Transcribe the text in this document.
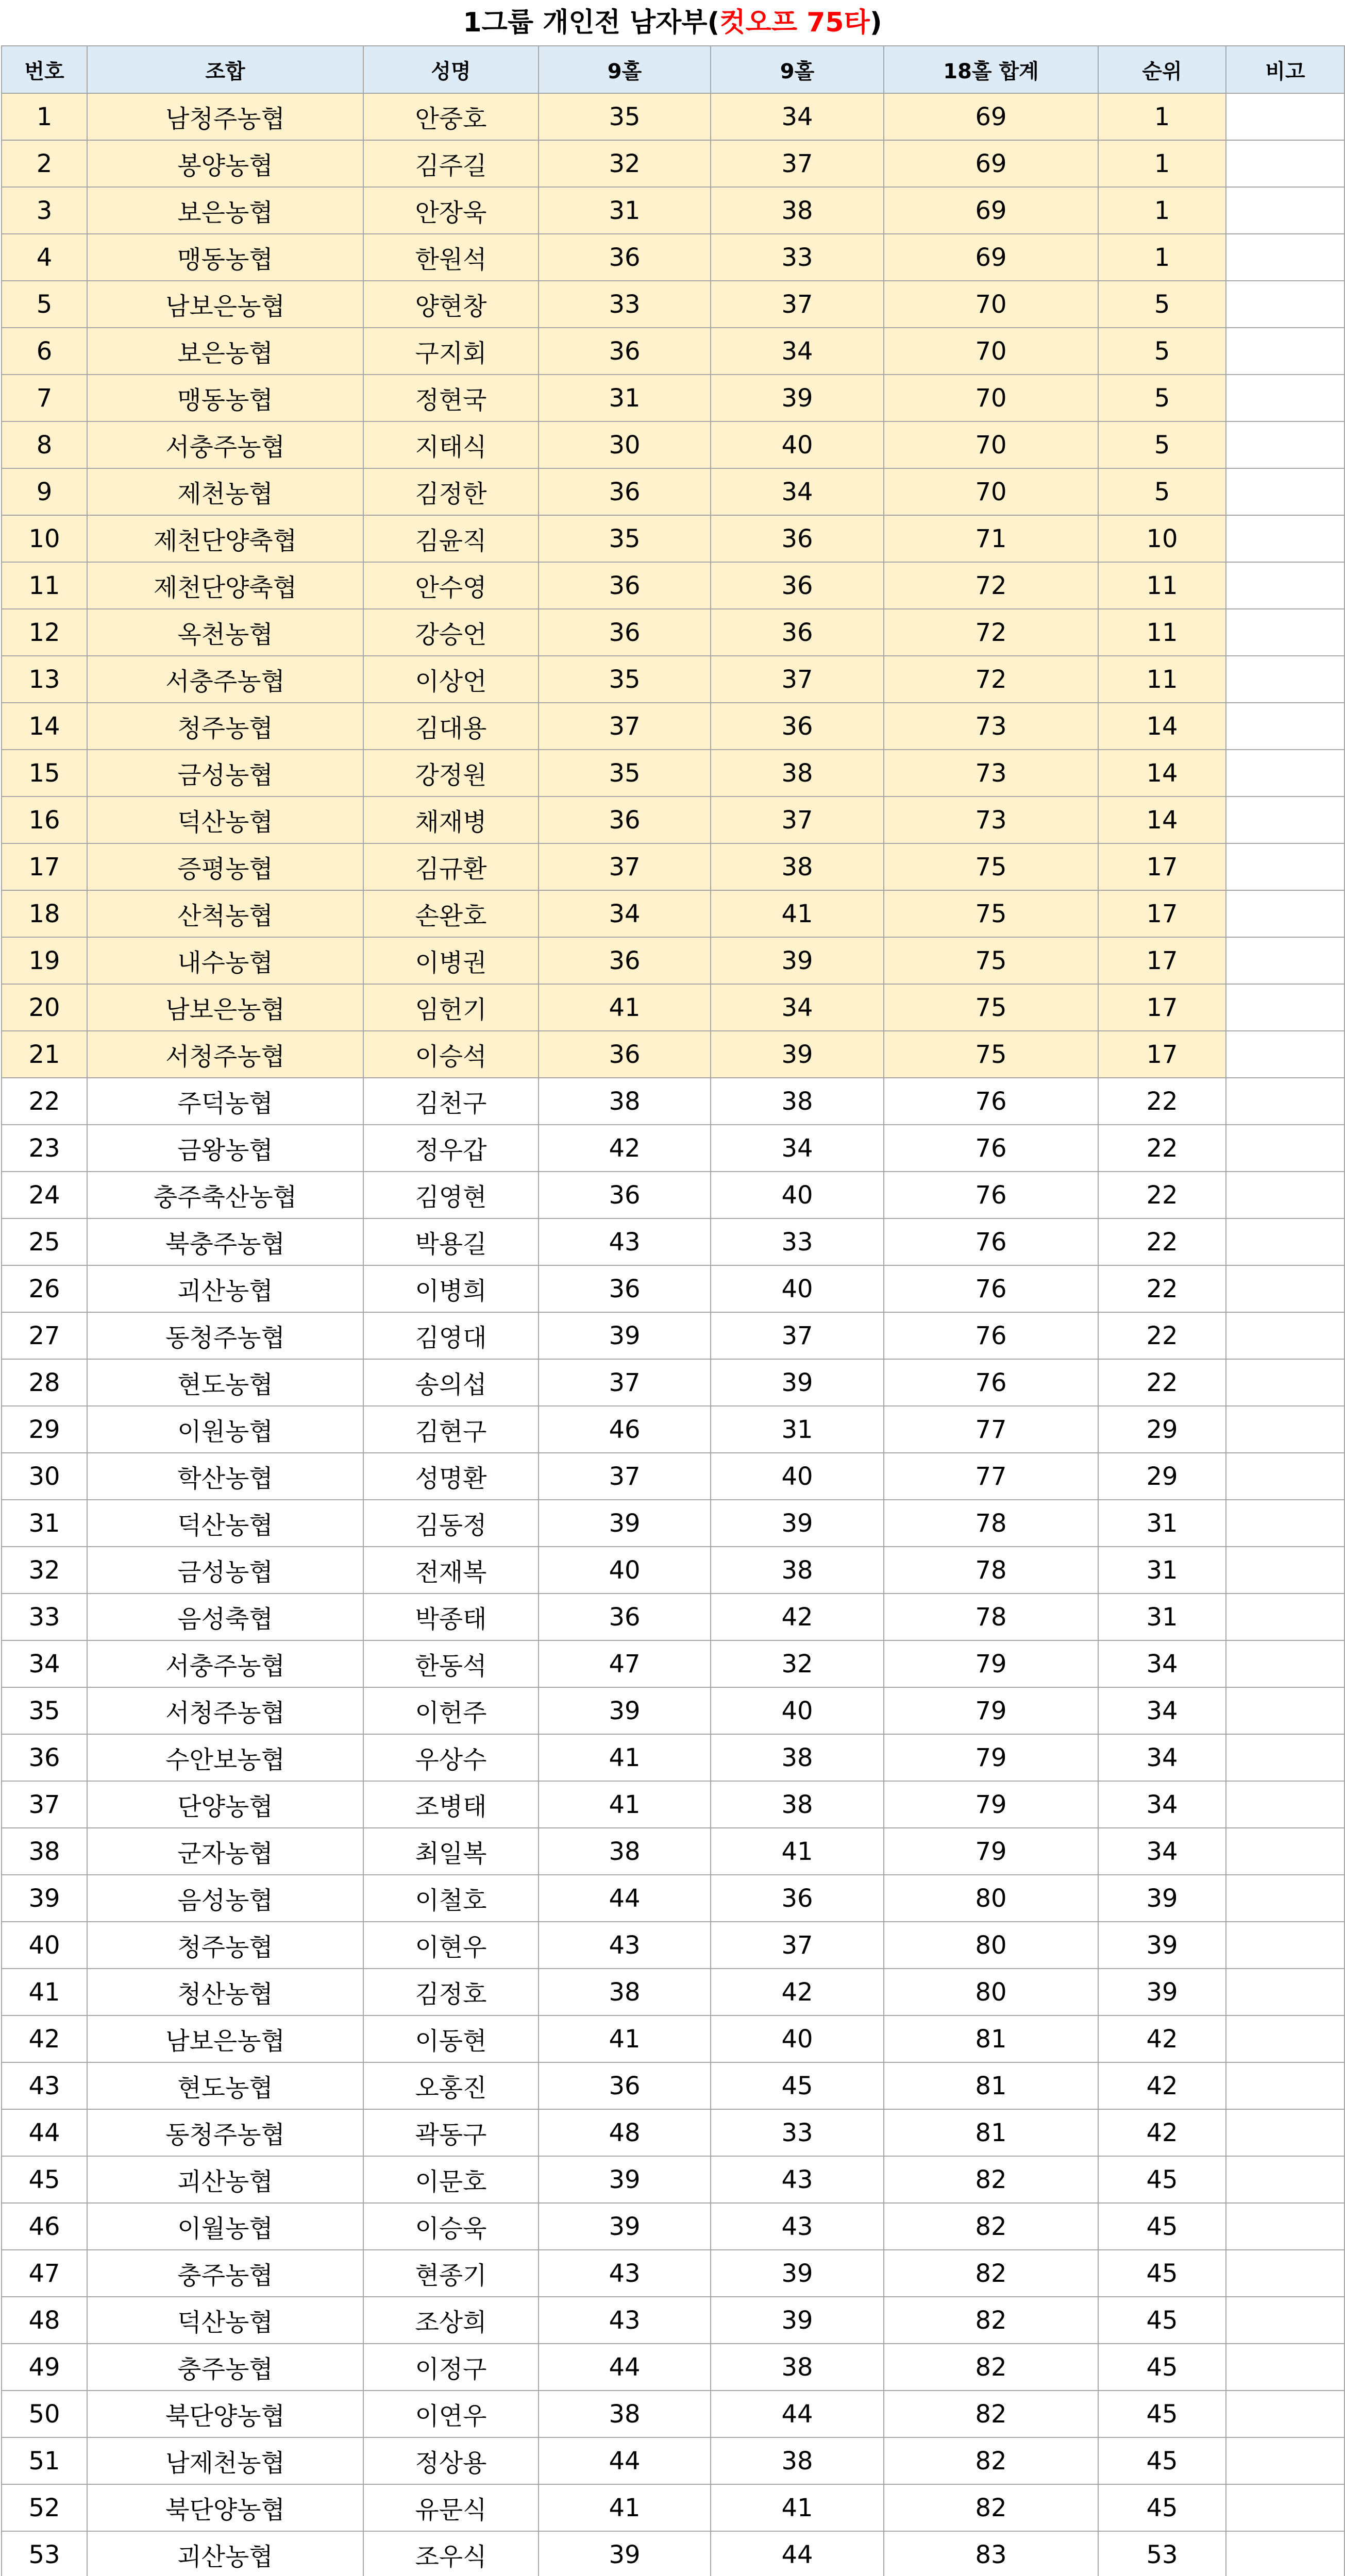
1그룹 개인전 남자부(컷오프 75타)
번호	조합	성명	9홀	9홀	18홀 합계	순위	비고
1	남청주농협	안중호	35	34	69	1	
2	봉양농협	김주길	32	37	69	1	
3	보은농협	안장욱	31	38	69	1	
4	맹동농협	한원석	36	33	69	1	
5	남보은농협	양현창	33	37	70	5	
6	보은농협	구지회	36	34	70	5	
7	맹동농협	정현국	31	39	70	5	
8	서충주농협	지태식	30	40	70	5	
9	제천농협	김정한	36	34	70	5	
10	제천단양축협	김윤직	35	36	71	10	
11	제천단양축협	안수영	36	36	72	11	
12	옥천농협	강승언	36	36	72	11	
13	서충주농협	이상언	35	37	72	11	
14	청주농협	김대용	37	36	73	14	
15	금성농협	강정원	35	38	73	14	
16	덕산농협	채재병	36	37	73	14	
17	증평농협	김규환	37	38	75	17	
18	산척농협	손완호	34	41	75	17	
19	내수농협	이병권	36	39	75	17	
20	남보은농협	임헌기	41	34	75	17	
21	서청주농협	이승석	36	39	75	17	
22	주덕농협	김천구	38	38	76	22	
23	금왕농협	정우갑	42	34	76	22	
24	충주축산농협	김영현	36	40	76	22	
25	북충주농협	박용길	43	33	76	22	
26	괴산농협	이병희	36	40	76	22	
27	동청주농협	김영대	39	37	76	22	
28	현도농협	송의섭	37	39	76	22	
29	이원농협	김현구	46	31	77	29	
30	학산농협	성명환	37	40	77	29	
31	덕산농협	김동정	39	39	78	31	
32	금성농협	전재복	40	38	78	31	
33	음성축협	박종태	36	42	78	31	
34	서충주농협	한동석	47	32	79	34	
35	서청주농협	이헌주	39	40	79	34	
36	수안보농협	우상수	41	38	79	34	
37	단양농협	조병태	41	38	79	34	
38	군자농협	최일복	38	41	79	34	
39	음성농협	이철호	44	36	80	39	
40	청주농협	이현우	43	37	80	39	
41	청산농협	김정호	38	42	80	39	
42	남보은농협	이동현	41	40	81	42	
43	현도농협	오홍진	36	45	81	42	
44	동청주농협	곽동구	48	33	81	42	
45	괴산농협	이문호	39	43	82	45	
46	이월농협	이승욱	39	43	82	45	
47	충주농협	현종기	43	39	82	45	
48	덕산농협	조상희	43	39	82	45	
49	충주농협	이정구	44	38	82	45	
50	북단양농협	이연우	38	44	82	45	
51	남제천농협	정상용	44	38	82	45	
52	북단양농협	유문식	41	41	82	45	
53	괴산농협	조우식	39	44	83	53	
